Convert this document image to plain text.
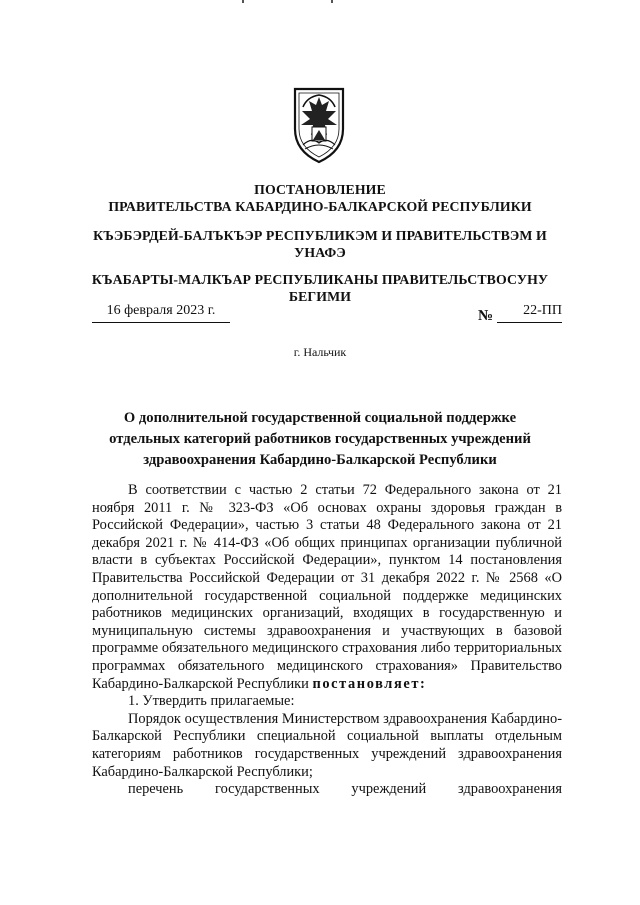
ПОСТАНОВЛЕНИЕ
ПРАВИТЕЛЬСТВА КАБАРДИНО-БАЛКАРСКОЙ РЕСПУБЛИКИ
КЪЭБЭРДЕЙ-БАЛЪКЪЭР РЕСПУБЛИКЭМ И ПРАВИТЕЛЬСТВЭМ И
УНАФЭ
КЪАБАРТЫ-МАЛКЪАР РЕСПУБЛИКАНЫ ПРАВИТЕЛЬСТВОСУНУ
БЕГИМИ
16 февраля 2023 г.	№	22-ПП
г. Нальчик
О дополнительной государственной социальной поддержке
отдельных категорий работников государственных учреждений
здравоохранения Кабардино-Балкарской Республики

В соответствии с частью 2 статьи 72 Федерального закона от 21 ноября 2011 г. № 323-ФЗ «Об основах охраны здоровья граждан в Российской Федерации», частью 3 статьи 48 Федерального закона от 21 декабря 2021 г. № 414-ФЗ «Об общих принципах организации публичной власти в субъектах Российской Федерации», пунктом 14 постановления Правительства Российской Федерации от 31 декабря 2022 г. № 2568 «О дополнительной государственной социальной поддержке медицинских работников медицинских организаций, входящих в государственную и муниципальную системы здравоохранения и участвующих в базовой программе обязательного медицинского страхования либо территориальных программах обязательного медицинского страхования» Правительство Кабардино-Балкарской Республики постановляет:

1. Утвердить прилагаемые:

Порядок осуществления Министерством здравоохранения Кабардино-Балкарской Республики специальной социальной выплаты отдельным категориям работников государственных учреждений здравоохранения Кабардино-Балкарской Республики;

перечень государственных учреждений здравоохранения
